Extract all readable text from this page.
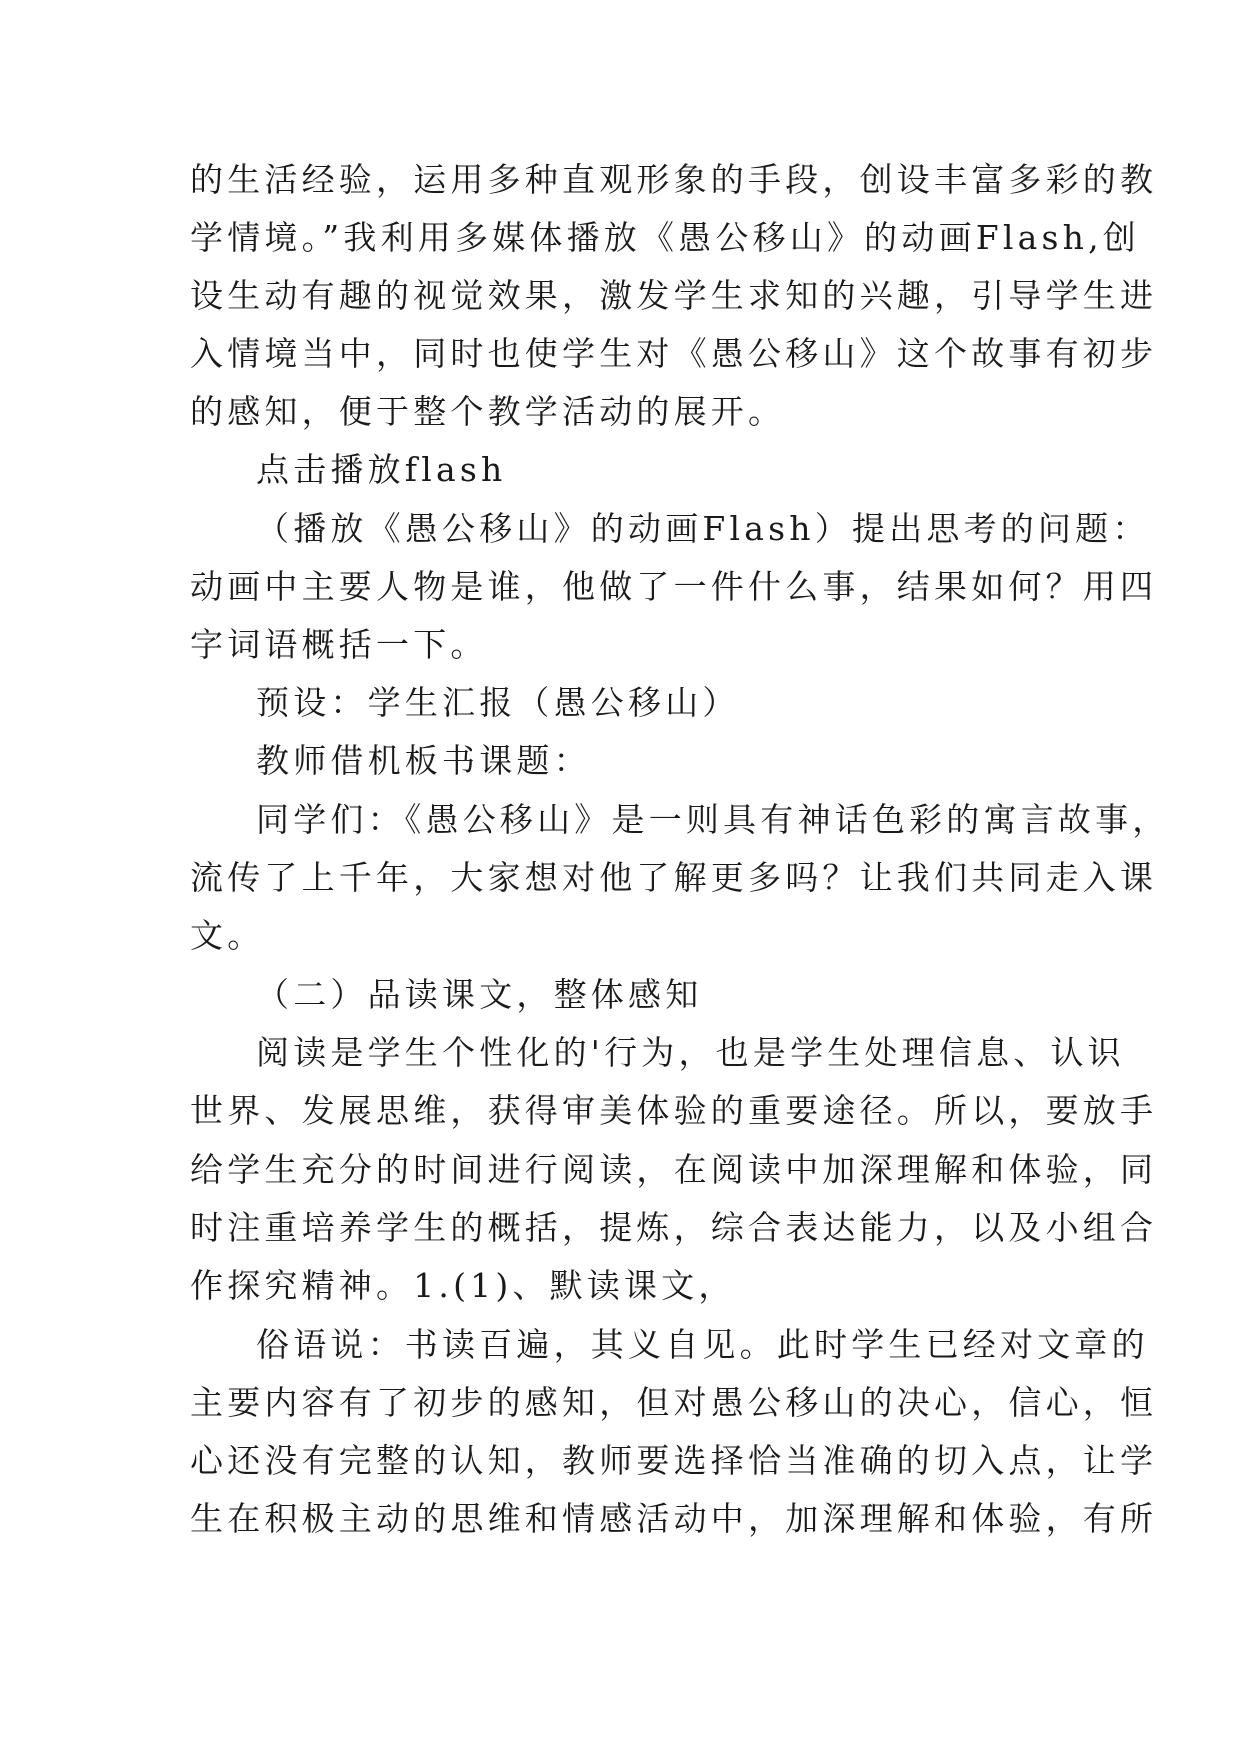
的生活经验，运用多种直观形象的手段，创设丰富多彩的教
学情境。”我利用多媒体播放《愚公移山》的动画Flash,创
设生动有趣的视觉效果，激发学生求知的兴趣，引导学生进
入情境当中，同时也使学生对《愚公移山》这个故事有初步
的感知，便于整个教学活动的展开。
点击播放flash
（播放《愚公移山》的动画Flash）提出思考的问题：
动画中主要人物是谁，他做了一件什么事，结果如何？用四
字词语概括一下。
预设：学生汇报（愚公移山）
教师借机板书课题：
同学们：《愚公移山》是一则具有神话色彩的寓言故事，
流传了上千年，大家想对他了解更多吗？让我们共同走入课
文。
（二）品读课文，整体感知
阅读是学生个性化的'行为，也是学生处理信息、认识
世界、发展思维，获得审美体验的重要途径。所以，要放手
给学生充分的时间进行阅读，在阅读中加深理解和体验，同
时注重培养学生的概括，提炼，综合表达能力，以及小组合
作探究精神。1.(1)、默读课文，
俗语说：书读百遍，其义自见。此时学生已经对文章的
主要内容有了初步的感知，但对愚公移山的决心，信心，恒
心还没有完整的认知，教师要选择恰当准确的切入点，让学
生在积极主动的思维和情感活动中，加深理解和体验，有所
